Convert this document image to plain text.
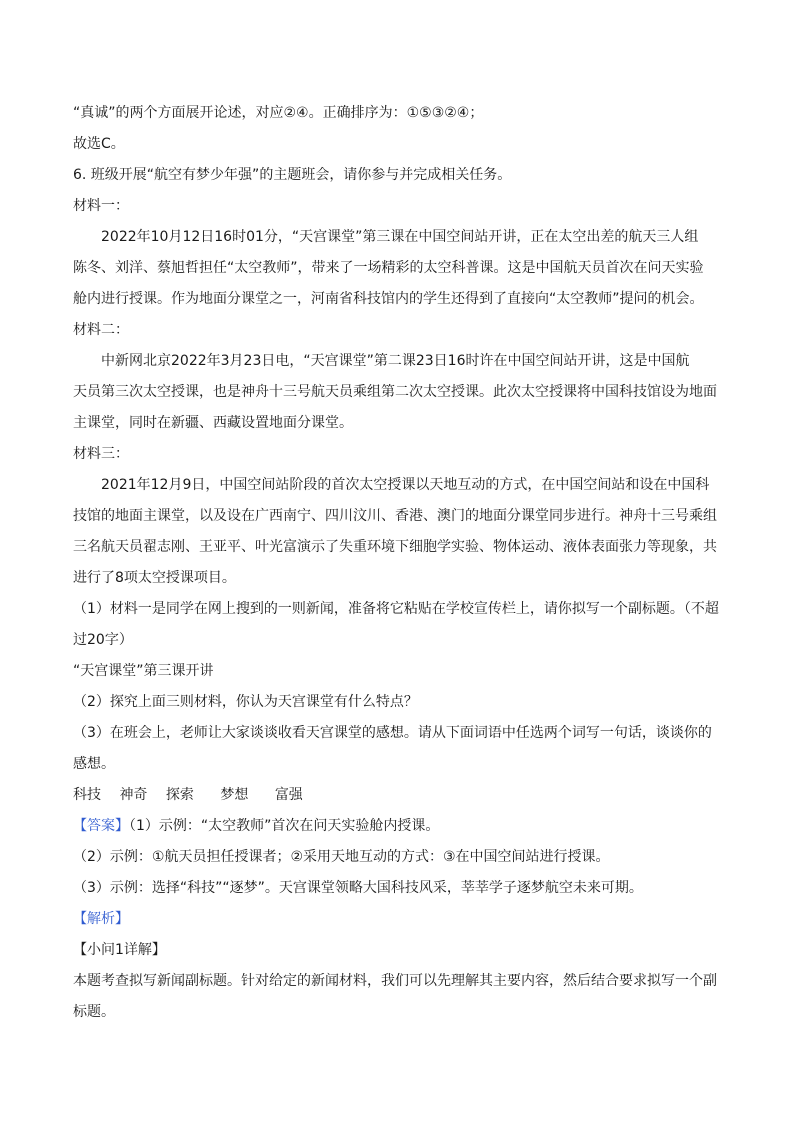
“真诚”的两个方面展开论述，对应②④。正确排序为：①⑤③②④；
故选C。
6. 班级开展“航空有梦少年强”的主题班会，请你参与并完成相关任务。
材料一：
2022年10月12日16时01分，“天宫课堂”第三课在中国空间站开讲，正在太空出差的航天三人组
陈冬、刘洋、蔡旭哲担任“太空教师”，带来了一场精彩的太空科普课。这是中国航天员首次在问天实验
舱内进行授课。作为地面分课堂之一，河南省科技馆内的学生还得到了直接向“太空教师”提问的机会。
材料二：
中新网北京2022年3月23日电，“天宫课堂”第二课23日16时许在中国空间站开讲，这是中国航
天员第三次太空授课，也是神舟十三号航天员乘组第二次太空授课。此次太空授课将中国科技馆设为地面
主课堂，同时在新疆、西藏设置地面分课堂。
材料三：
2021年12月9日，中国空间站阶段的首次太空授课以天地互动的方式，在中国空间站和设在中国科
技馆的地面主课堂，以及设在广西南宁、四川汶川、香港、澳门的地面分课堂同步进行。神舟十三号乘组
三名航天员翟志刚、王亚平、叶光富演示了失重环境下细胞学实验、物体运动、液体表面张力等现象，共
进行了8项太空授课项目。
（1）材料一是同学在网上搜到的一则新闻，准备将它粘贴在学校宣传栏上，请你拟写一个副标题。（不超
过20字）
“天宫课堂”第三课开讲
（2）探究上面三则材料，你认为天宫课堂有什么特点？
（3）在班会上，老师让大家谈谈收看天宫课堂的感想。请从下面词语中任选两个词写一句话，谈谈你的
感想。
科技 神奇 探索 梦想 富强
【答案】（1）示例：“太空教师”首次在问天实验舱内授课。
（2）示例：①航天员担任授课者；②采用天地互动的方式：③在中国空间站进行授课。
（3）示例：选择“科技”“逐梦”。天宫课堂领略大国科技风采，莘莘学子逐梦航空未来可期。
【解析】
【小问1详解】
本题考查拟写新闻副标题。针对给定的新闻材料，我们可以先理解其主要内容，然后结合要求拟写一个副
标题。
